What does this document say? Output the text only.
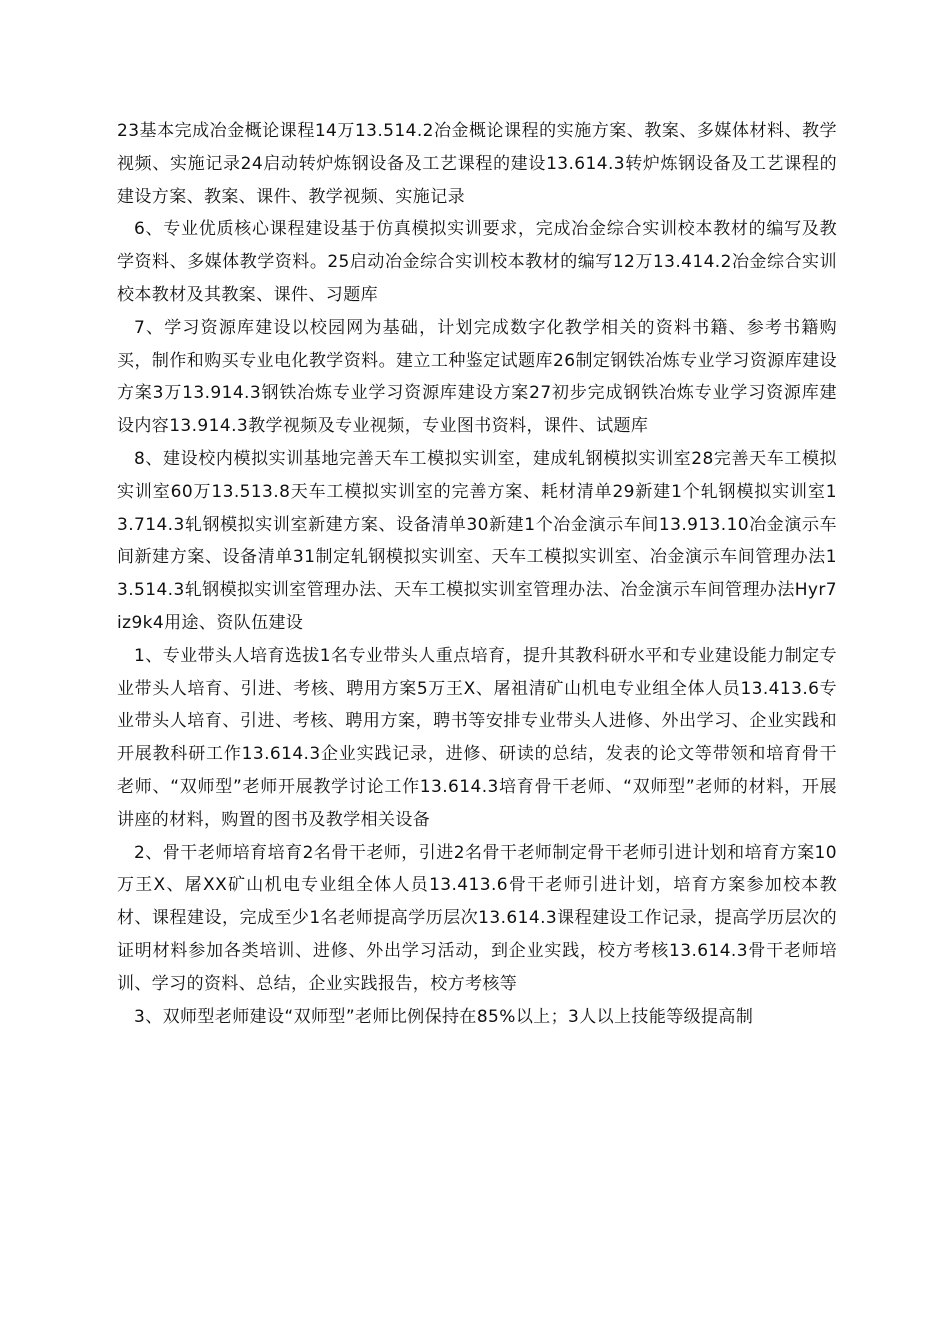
23基本完成冶金概论课程14万13.514.2冶金概论课程的实施方案、教案、多媒体材料、教学视频、实施记录24启动转炉炼钢设备及工艺课程的建设13.614.3转炉炼钢设备及工艺课程的建设方案、教案、课件、教学视频、实施记录

6、专业优质核心课程建设基于仿真模拟实训要求，完成冶金综合实训校本教材的编写及教学资料、多媒体教学资料。25启动冶金综合实训校本教材的编写12万13.414.2冶金综合实训校本教材及其教案、课件、习题库

7、学习资源库建设以校园网为基础，计划完成数字化教学相关的资料书籍、参考书籍购买，制作和购买专业电化教学资料。建立工种鉴定试题库26制定钢铁冶炼专业学习资源库建设方案3万13.914.3钢铁冶炼专业学习资源库建设方案27初步完成钢铁冶炼专业学习资源库建设内容13.914.3教学视频及专业视频，专业图书资料，课件、试题库

8、建设校内模拟实训基地完善天车工模拟实训室，建成轧钢模拟实训室28完善天车工模拟实训室60万13.513.8天车工模拟实训室的完善方案、耗材清单29新建1个轧钢模拟实训室13.714.3轧钢模拟实训室新建方案、设备清单30新建1个冶金演示车间13.913.10冶金演示车间新建方案、设备清单31制定轧钢模拟实训室、天车工模拟实训室、冶金演示车间管理办法13.514.3轧钢模拟实训室管理办法、天车工模拟实训室管理办法、冶金演示车间管理办法Hyr7iz9k4用途、资队伍建设

1、专业带头人培育选拔1名专业带头人重点培育，提升其教科研水平和专业建设能力制定专业带头人培育、引进、考核、聘用方案5万王X、屠祖清矿山机电专业组全体人员13.413.6专业带头人培育、引进、考核、聘用方案，聘书等安排专业带头人进修、外出学习、企业实践和开展教科研工作13.614.3企业实践记录，进修、研读的总结，发表的论文等带领和培育骨干老师、“双师型”老师开展教学讨论工作13.614.3培育骨干老师、“双师型”老师的材料，开展讲座的材料，购置的图书及教学相关设备

2、骨干老师培育培育2名骨干老师，引进2名骨干老师制定骨干老师引进计划和培育方案10万王X、屠XX矿山机电专业组全体人员13.413.6骨干老师引进计划，培育方案参加校本教材、课程建设，完成至少1名老师提高学历层次13.614.3课程建设工作记录，提高学历层次的证明材料参加各类培训、进修、外出学习活动，到企业实践，校方考核13.614.3骨干老师培训、学习的资料、总结，企业实践报告，校方考核等

3、双师型老师建设“双师型”老师比例保持在85%以上；3人以上技能等级提高制
